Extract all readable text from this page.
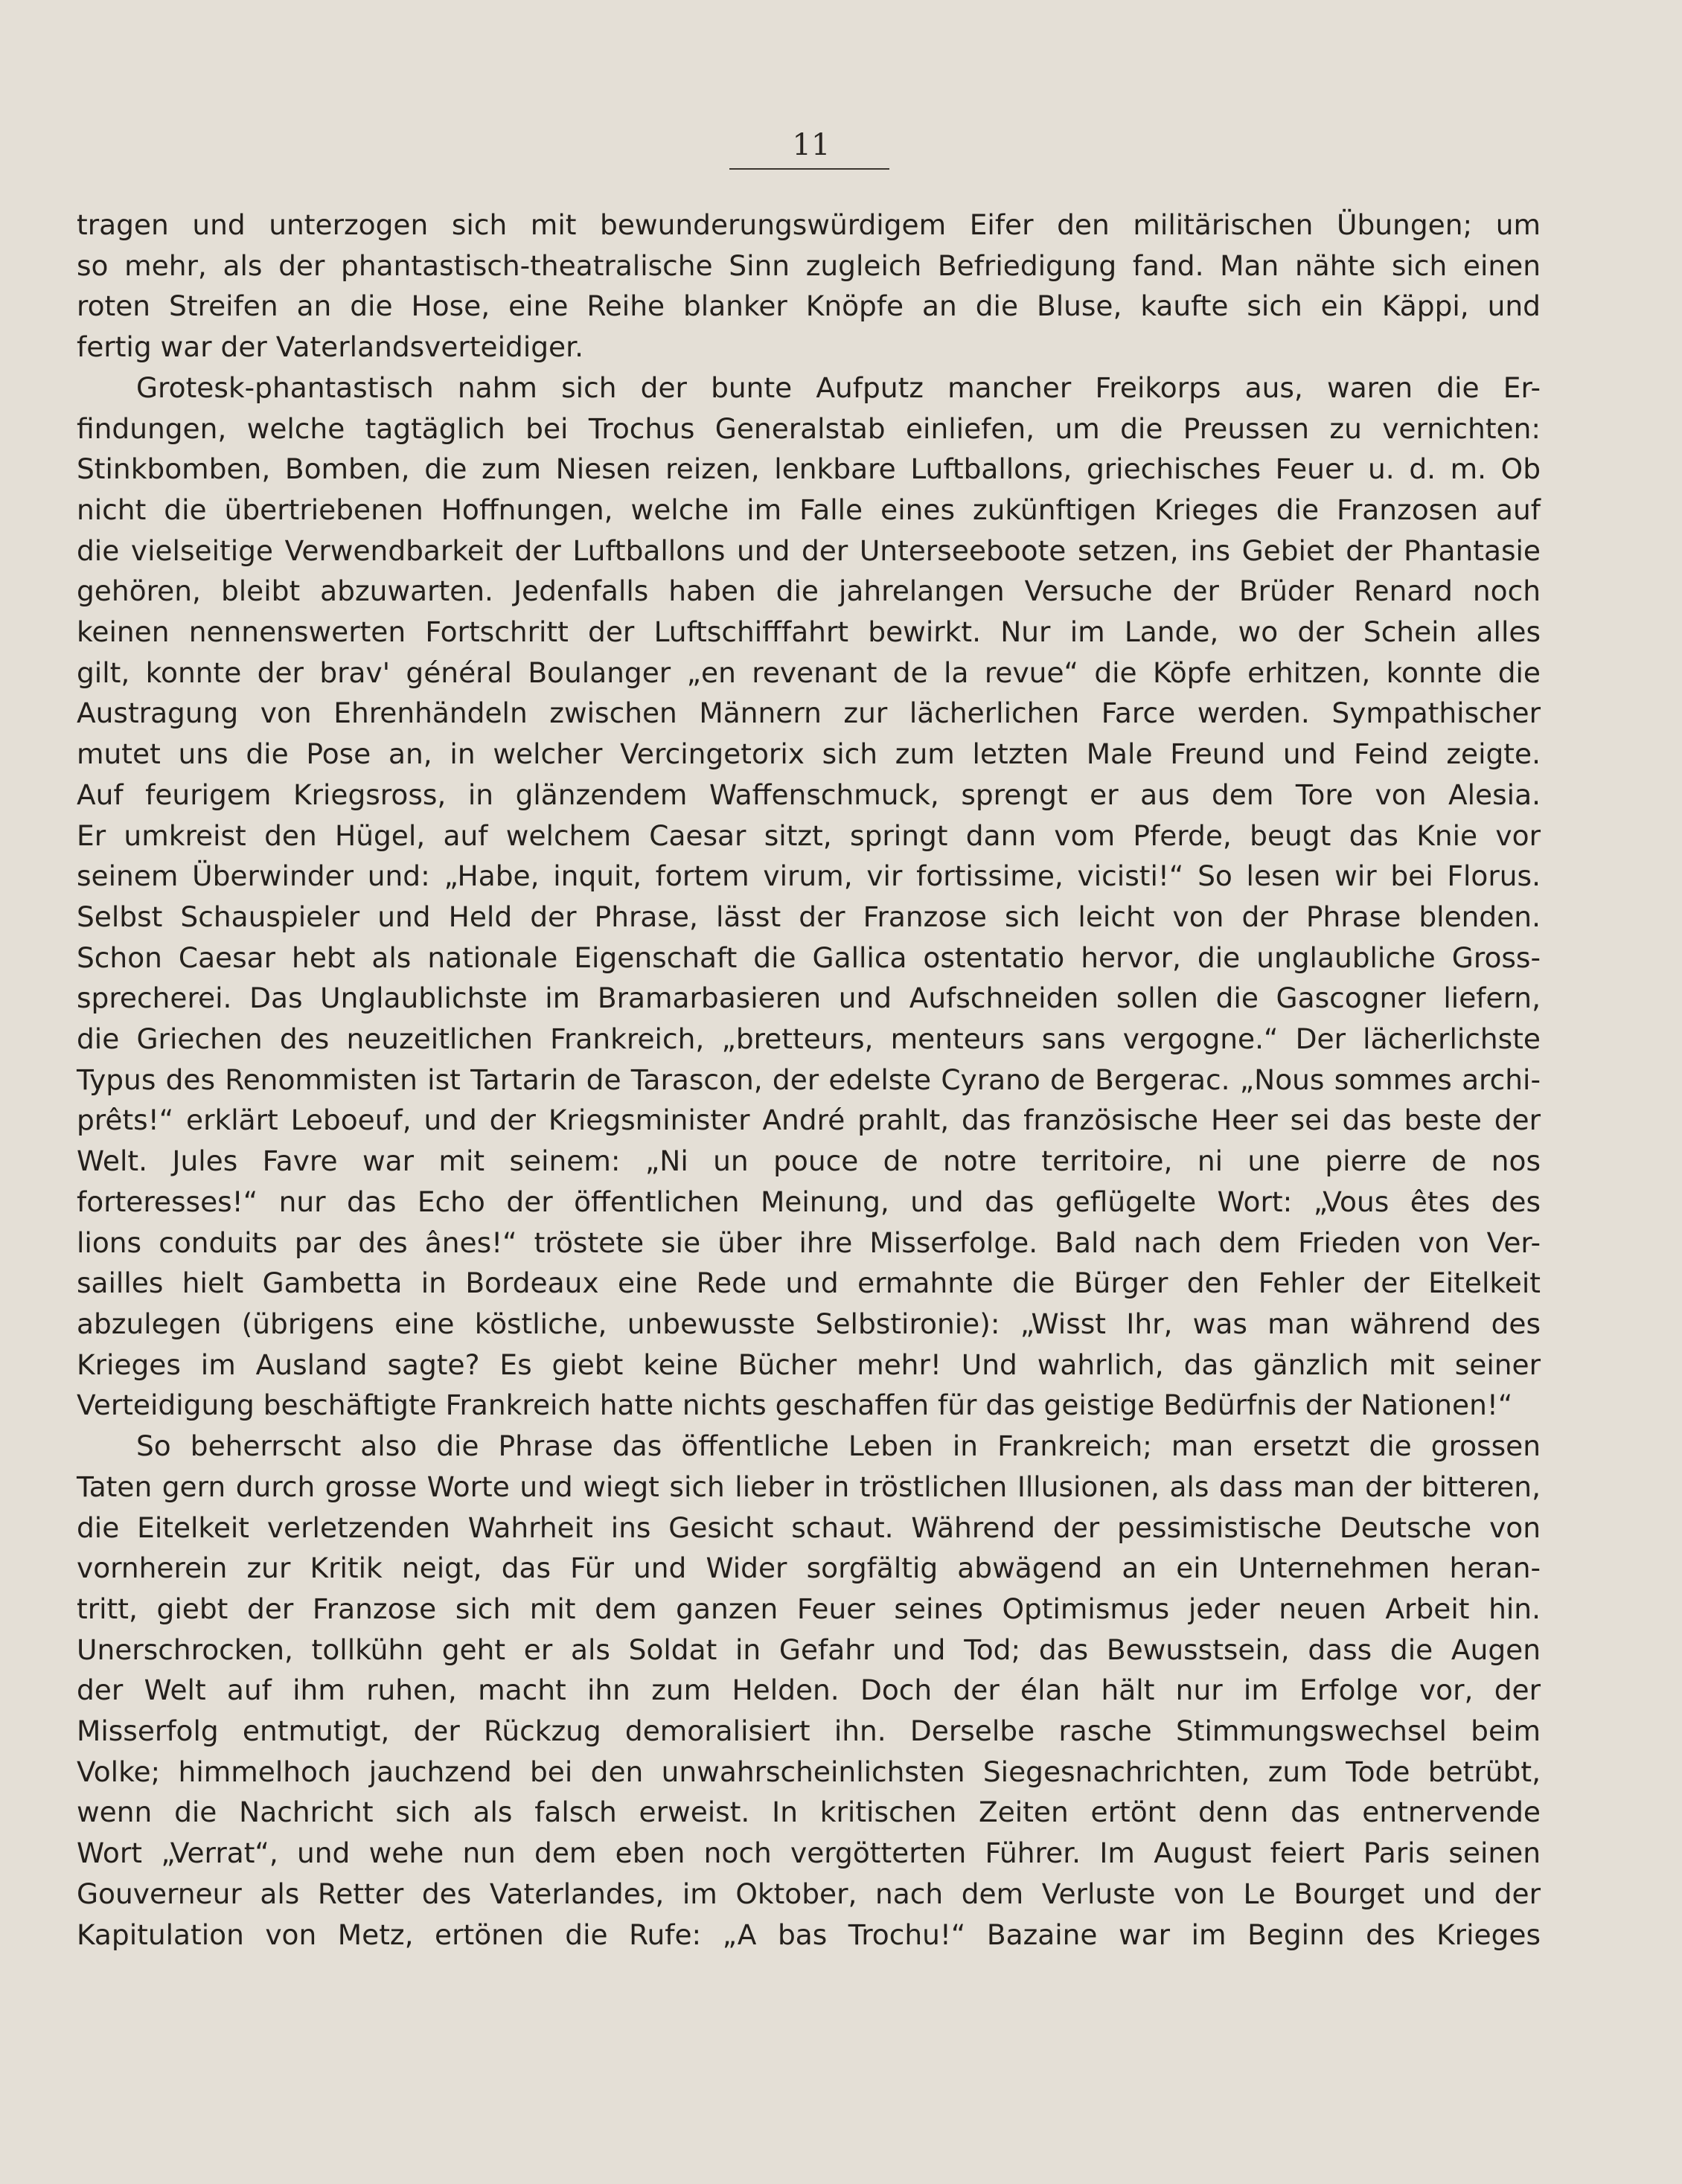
11

tragen und unterzogen sich mit bewunderungswürdigem Eifer den militärischen Übungen; um

so mehr, als der phantastisch-theatralische Sinn zugleich Befriedigung fand. Man nähte sich einen

roten Streifen an die Hose, eine Reihe blanker Knöpfe an die Bluse, kaufte sich ein Käppi, und

fertig war der Vaterlandsverteidiger.

Grotesk-phantastisch nahm sich der bunte Aufputz mancher Freikorps aus, waren die Er-

findungen, welche tagtäglich bei Trochus Generalstab einliefen, um die Preussen zu vernichten:

Stinkbomben, Bomben, die zum Niesen reizen, lenkbare Luftballons, griechisches Feuer u. d. m. Ob

nicht die übertriebenen Hoffnungen, welche im Falle eines zukünftigen Krieges die Franzosen auf

die vielseitige Verwendbarkeit der Luftballons und der Unterseeboote setzen, ins Gebiet der Phantasie

gehören, bleibt abzuwarten. Jedenfalls haben die jahrelangen Versuche der Brüder Renard noch

keinen nennenswerten Fortschritt der Luftschifffahrt bewirkt. Nur im Lande, wo der Schein alles

gilt, konnte der brav' général Boulanger „en revenant de la revue“ die Köpfe erhitzen, konnte die

Austragung von Ehrenhändeln zwischen Männern zur lächerlichen Farce werden. Sympathischer

mutet uns die Pose an, in welcher Vercingetorix sich zum letzten Male Freund und Feind zeigte.

Auf feurigem Kriegsross, in glänzendem Waffenschmuck, sprengt er aus dem Tore von Alesia.

Er umkreist den Hügel, auf welchem Caesar sitzt, springt dann vom Pferde, beugt das Knie vor

seinem Überwinder und: „Habe, inquit, fortem virum, vir fortissime, vicisti!“ So lesen wir bei Florus.

Selbst Schauspieler und Held der Phrase, lässt der Franzose sich leicht von der Phrase blenden.

Schon Caesar hebt als nationale Eigenschaft die Gallica ostentatio hervor, die unglaubliche Gross-

sprecherei. Das Unglaublichste im Bramarbasieren und Aufschneiden sollen die Gascogner liefern,

die Griechen des neuzeitlichen Frankreich, „bretteurs, menteurs sans vergogne.“ Der lächerlichste

Typus des Renommisten ist Tartarin de Tarascon, der edelste Cyrano de Bergerac. „Nous sommes archi-

prêts!“ erklärt Leboeuf, und der Kriegsminister André prahlt, das französische Heer sei das beste der

Welt. Jules Favre war mit seinem: „Ni un pouce de notre territoire, ni une pierre de nos

forteresses!“ nur das Echo der öffentlichen Meinung, und das geflügelte Wort: „Vous êtes des

lions conduits par des ânes!“ tröstete sie über ihre Misserfolge. Bald nach dem Frieden von Ver-

sailles hielt Gambetta in Bordeaux eine Rede und ermahnte die Bürger den Fehler der Eitelkeit

abzulegen (übrigens eine köstliche, unbewusste Selbstironie): „Wisst Ihr, was man während des

Krieges im Ausland sagte? Es giebt keine Bücher mehr! Und wahrlich, das gänzlich mit seiner

Verteidigung beschäftigte Frankreich hatte nichts geschaffen für das geistige Bedürfnis der Nationen!“

So beherrscht also die Phrase das öffentliche Leben in Frankreich; man ersetzt die grossen

Taten gern durch grosse Worte und wiegt sich lieber in tröstlichen Illusionen, als dass man der bitteren,

die Eitelkeit verletzenden Wahrheit ins Gesicht schaut. Während der pessimistische Deutsche von

vornherein zur Kritik neigt, das Für und Wider sorgfältig abwägend an ein Unternehmen heran-

tritt, giebt der Franzose sich mit dem ganzen Feuer seines Optimismus jeder neuen Arbeit hin.

Unerschrocken, tollkühn geht er als Soldat in Gefahr und Tod; das Bewusstsein, dass die Augen

der Welt auf ihm ruhen, macht ihn zum Helden. Doch der élan hält nur im Erfolge vor, der

Misserfolg entmutigt, der Rückzug demoralisiert ihn. Derselbe rasche Stimmungswechsel beim

Volke; himmelhoch jauchzend bei den unwahrscheinlichsten Siegesnachrichten, zum Tode betrübt,

wenn die Nachricht sich als falsch erweist. In kritischen Zeiten ertönt denn das entnervende

Wort „Verrat“, und wehe nun dem eben noch vergötterten Führer. Im August feiert Paris seinen

Gouverneur als Retter des Vaterlandes, im Oktober, nach dem Verluste von Le Bourget und der

Kapitulation von Metz, ertönen die Rufe: „A bas Trochu!“ Bazaine war im Beginn des Krieges
